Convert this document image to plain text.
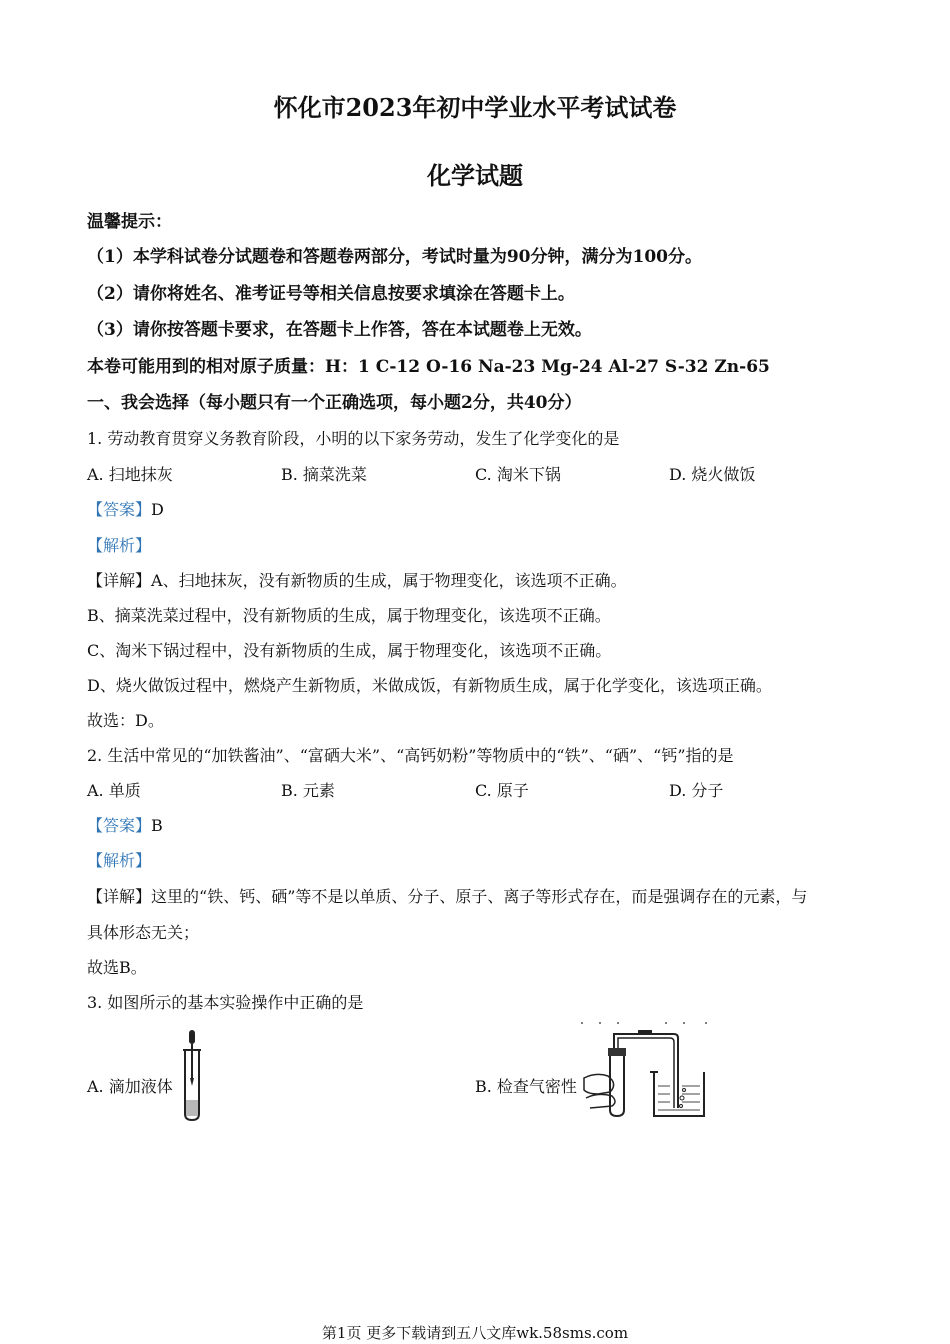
怀化市2023年初中学业水平考试试卷
化学试题
温馨提示：
（1）本学科试卷分试题卷和答题卷两部分，考试时量为90分钟，满分为100分。
（2）请你将姓名、准考证号等相关信息按要求填涂在答题卡上。
（3）请你按答题卡要求，在答题卡上作答，答在本试题卷上无效。
本卷可能用到的相对原子质量：H：1 C-12 O-16 Na-23 Mg-24 Al-27 S-32 Zn-65
一、我会选择（每小题只有一个正确选项，每小题2分，共40分）
1. 劳动教育贯穿义务教育阶段，小明的以下家务劳动，发生了化学变化的是
A. 扫地抹灰	B. 摘菜洗菜	C. 淘米下锅	D. 烧火做饭
【答案】D
【解析】
【详解】A、扫地抹灰，没有新物质的生成，属于物理变化，该选项不正确。
B、摘菜洗菜过程中，没有新物质的生成，属于物理变化，该选项不正确。
C、淘米下锅过程中，没有新物质的生成，属于物理变化，该选项不正确。
D、烧火做饭过程中，燃烧产生新物质，米做成饭，有新物质生成，属于化学变化，该选项正确。
故选：D。
2. 生活中常见的“加铁酱油”、“富硒大米”、“高钙奶粉”等物质中的“铁”、“硒”、“钙”指的是
A. 单质	B. 元素	C. 原子	D. 分子
【答案】B
【解析】
【详解】这里的“铁、钙、硒”等不是以单质、分子、原子、离子等形式存在，而是强调存在的元素，与
具体形态无关；
故选B。
3. 如图所示的基本实验操作中正确的是
A. 滴加液体	B. 检查气密性
第1页 更多下载请到五八文库wk.58sms.com
